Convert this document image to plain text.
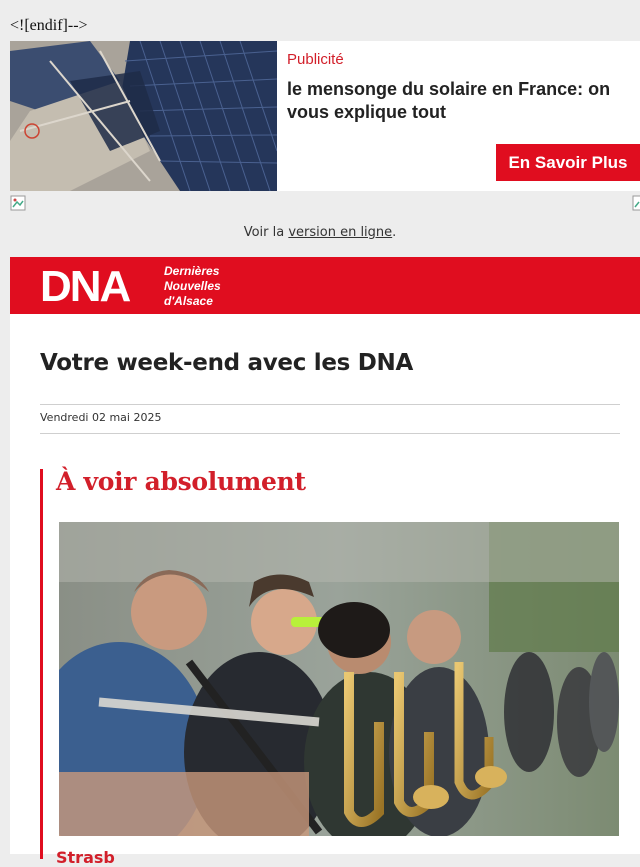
<![endif]-->
Publicité
le mensonge du solaire en France: on vous explique tout
En Savoir Plus
Voir la version en ligne.
DNA	Dernières
Nouvelles
d'Alsace
Votre week-end avec les DNA
Vendredi 02 mai 2025
À voir absolument
Strasb
